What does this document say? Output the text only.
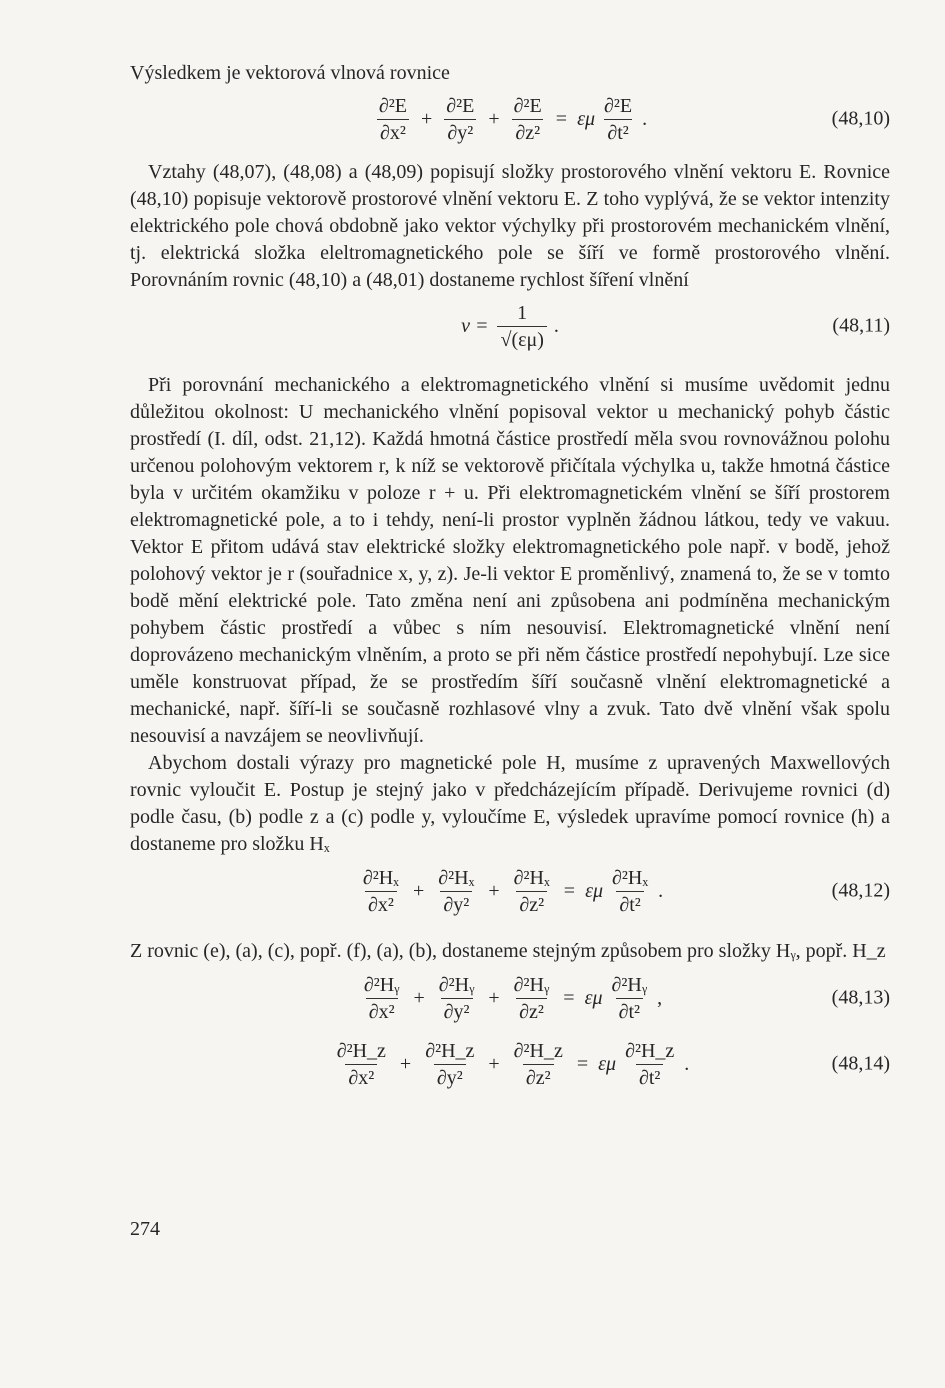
Výsledkem je vektorová vlnová rovnice

$\frac{\text{∂²E}}{\text{∂x²}} + \frac{\text{∂²E}}{\text{∂y²}} + \frac{\text{∂²E}}{\text{∂z²}} = \varepsilon\mu \frac{\text{∂²E}}{\text{∂t²}}$ .	(48,10)

Vztahy (48,07), (48,08) a (48,09) popisují složky prostorového vlnění vektoru E. Rovnice (48,10) popisuje vektorově prostorové vlnění vektoru E. Z toho vyplývá, že se vektor intenzity elektrického pole chová obdobně jako vektor výchylky při prostorovém mechanickém vlnění, tj. elektrická složka eleltromagnetického pole se šíří ve formě prostorového vlnění. Porovnáním rovnic (48,10) a (48,01) dostaneme rychlost šíření vlnění

$v = \frac{1}{√(\varepsilon\mu)}$ .	(48,11)

Při porovnání mechanického a elektromagnetického vlnění si musíme uvědomit jednu důležitou okolnost: U mechanického vlnění popisoval vektor u mechanický pohyb částic prostředí (I. díl, odst. 21,12). Každá hmotná částice prostředí měla svou rovnovážnou polohu určenou polohovým vektorem r, k níž se vektorově přičítala výchylka u, takže hmotná částice byla v určitém okamžiku v poloze r + u. Při elektromagnetickém vlnění se šíří prostorem elektromagnetické pole, a to i tehdy, není-li prostor vyplněn žádnou látkou, tedy ve vakuu. Vektor E přitom udává stav elektrické složky elektromagnetického pole např. v bodě, jehož polohový vektor je r (souřadnice x, y, z). Je-li vektor E proměnlivý, znamená to, že se v tomto bodě mění elektrické pole. Tato změna není ani způsobena ani podmíněna mechanickým pohybem částic prostředí a vůbec s ním nesouvisí. Elektromagnetické vlnění není doprovázeno mechanickým vlněním, a proto se při něm částice prostředí nepohybují. Lze sice uměle konstruovat případ, že se prostředím šíří současně vlnění elektromagnetické a mechanické, např. šíří-li se současně rozhlasové vlny a zvuk. Tato dvě vlnění však spolu nesouvisí a navzájem se neovlivňují.

Abychom dostali výrazy pro magnetické pole H, musíme z upravených Maxwellových rovnic vyloučit E. Postup je stejný jako v předcházejícím případě. Derivujeme rovnici (d) podle času, (b) podle z a (c) podle y, vyloučíme E, výsledek upravíme pomocí rovnice (h) a dostaneme pro složku Hₓ

$\frac{\text{∂²Hₓ}}{\text{∂x²}} + \frac{\text{∂²Hₓ}}{\text{∂y²}} + \frac{\text{∂²Hₓ}}{\text{∂z²}} = \varepsilon\mu \frac{\text{∂²Hₓ}}{\text{∂t²}}$ .	(48,12)

Z rovnic (e), (a), (c), popř. (f), (a), (b), dostaneme stejným způsobem pro složky Hᵧ, popř. H_z

$\frac{\text{∂²Hᵧ}}{\text{∂x²}} + \frac{\text{∂²Hᵧ}}{\text{∂y²}} + \frac{\text{∂²Hᵧ}}{\text{∂z²}} = \varepsilon\mu \frac{\text{∂²Hᵧ}}{\text{∂t²}}$ ,	(48,13)
$\frac{\text{∂²H\_z}}{\text{∂x²}} + \frac{\text{∂²H\_z}}{\text{∂y²}} + \frac{\text{∂²H\_z}}{\text{∂z²}} = \varepsilon\mu \frac{\text{∂²H\_z}}{\text{∂t²}}$ .	(48,14)
274
